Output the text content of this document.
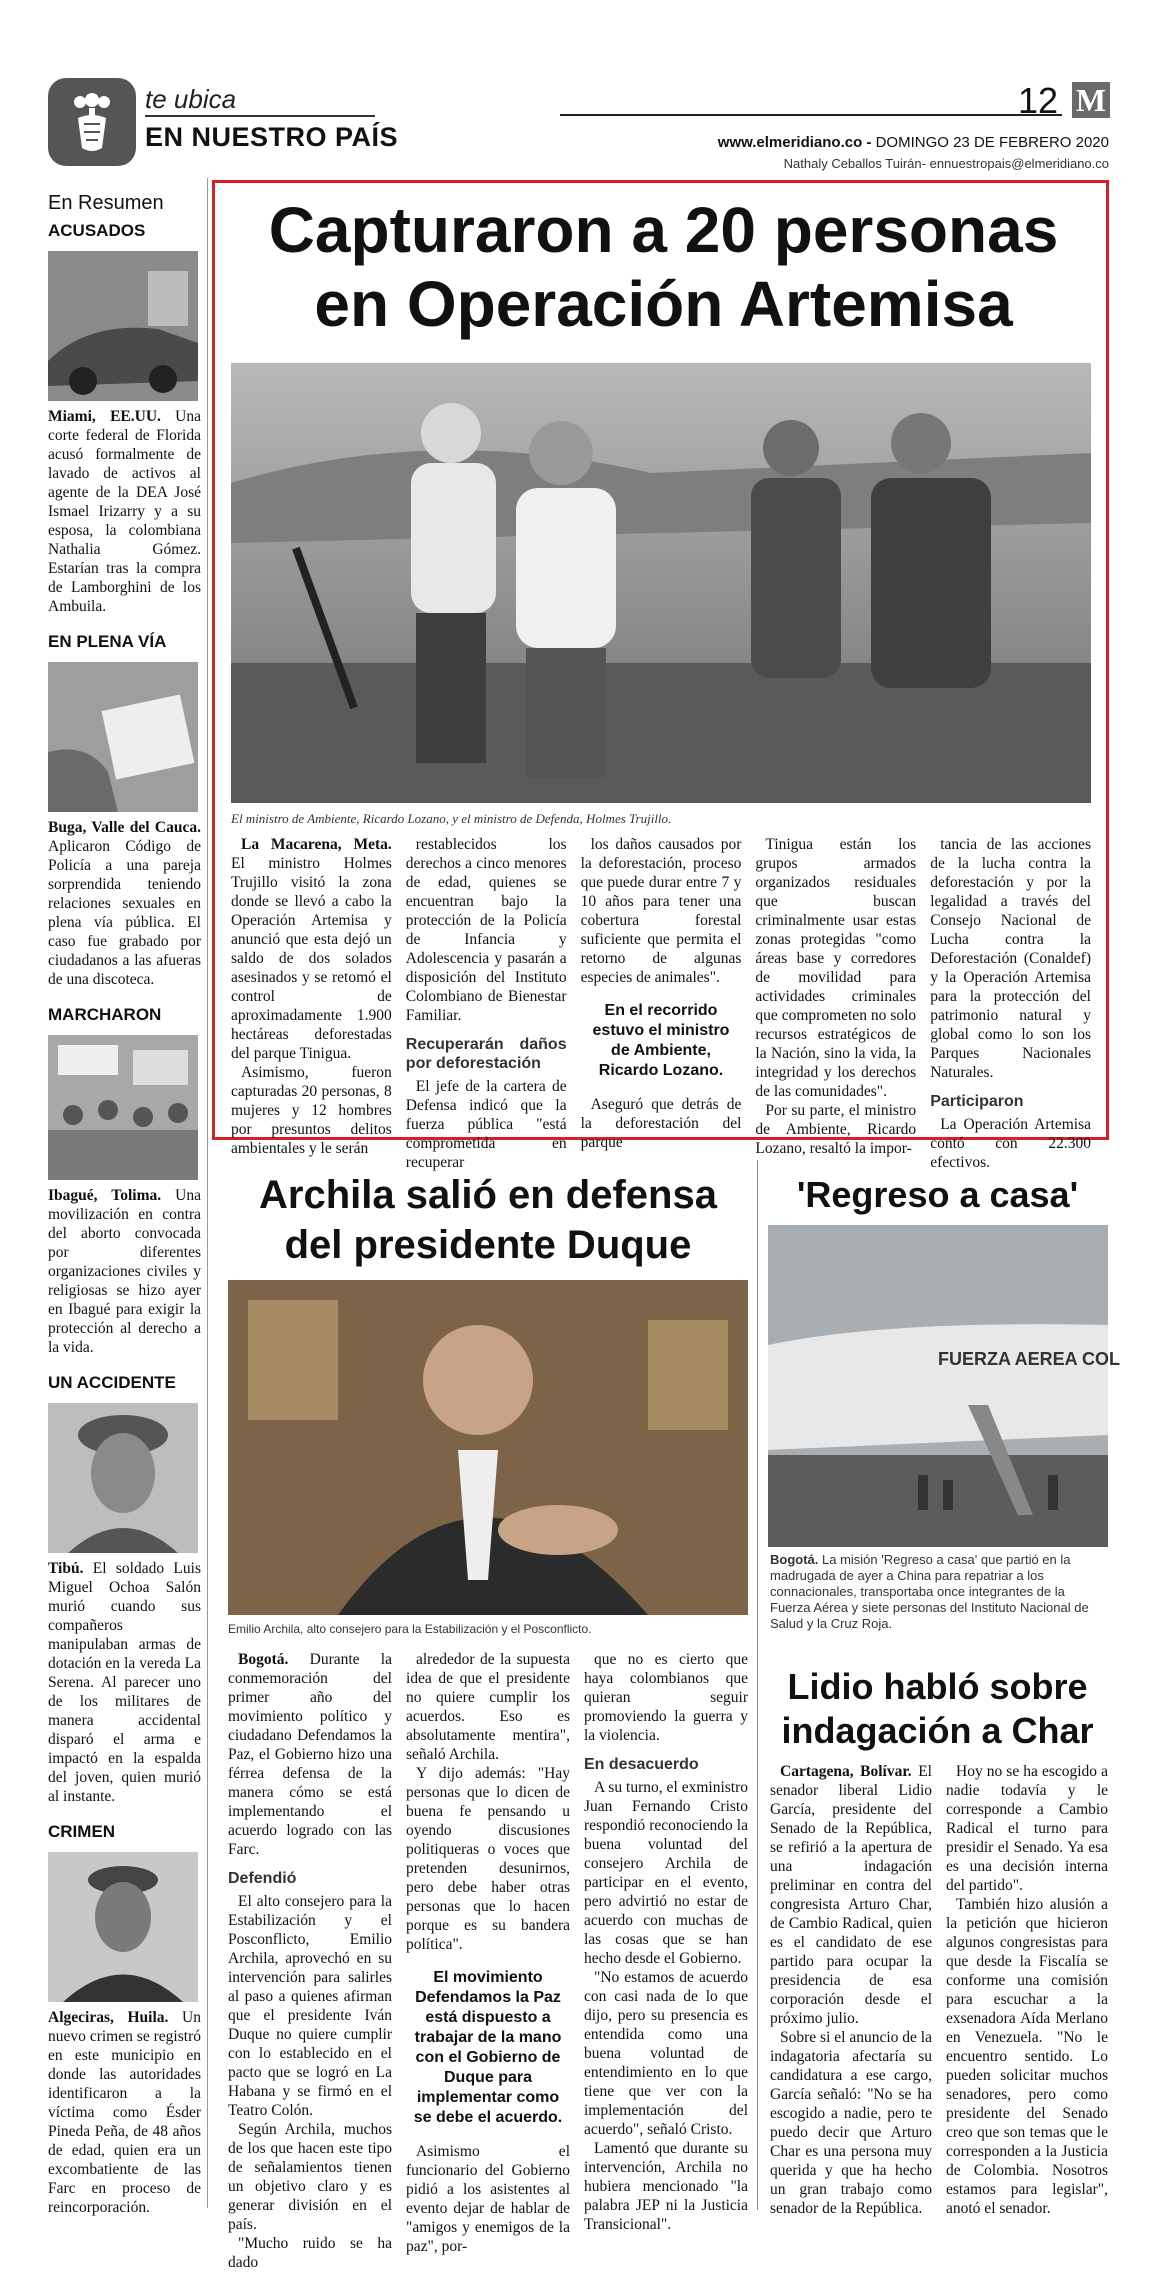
te ubica
EN NUESTRO PAÍS
12 M
www.elmeridiano.co - DOMINGO 23 DE FEBRERO 2020
Nathaly Ceballos Tuirán- ennuestropais@elmeridiano.co
En Resumen
ACUSADOS
Miami, EE.UU. Una corte federal de Florida acusó formalmente de lavado de activos al agente de la DEA José Ismael Irizarry y a su esposa, la colombiana Nathalia Gómez. Estarían tras la compra de Lamborghini de los Ambuila.
EN PLENA VÍA
Buga, Valle del Cauca. Aplicaron Código de Policía a una pareja sorprendida teniendo relaciones sexuales en plena vía pública. El caso fue grabado por ciudadanos a las afueras de una discoteca.
MARCHARON
Ibagué, Tolima. Una movilización en contra del aborto convocada por diferentes organizaciones civiles y religiosas se hizo ayer en Ibagué para exigir la protección al derecho a la vida.
UN ACCIDENTE
Tibú. El soldado Luis Miguel Ochoa Salón murió cuando sus compañeros manipulaban armas de dotación en la vereda La Serena. Al parecer uno de los militares de manera accidental disparó el arma e impactó en la espalda del joven, quien murió al instante.
CRIMEN
Algeciras, Huila. Un nuevo crimen se registró en este municipio en donde las autoridades identificaron a la víctima como Ésder Pineda Peña, de 48 años de edad, quien era un excombatiente de las Farc en proceso de reincorporación.
Capturaron a 20 personas
en Operación Artemisa
El ministro de Ambiente, Ricardo Lozano, y el ministro de Defenda, Holmes Trujillo.

La Macarena, Meta. El ministro Holmes Trujillo visitó la zona donde se llevó a cabo la Operación Artemisa y anunció que esta dejó un saldo de dos solados asesinados y se retomó el control de aproximadamente 1.900 hectáreas deforestadas del parque Tinigua.

Asimismo, fueron capturadas 20 personas, 8 mujeres y 12 hombres por presuntos delitos ambientales y le serán

restablecidos los derechos a cinco menores de edad, quienes se encuentran bajo la protección de la Policía de Infancia y Adolescencia y pasarán a disposición del Instituto Colombiano de Bienestar Familiar.

Recuperarán daños por deforestación

El jefe de la cartera de Defensa indicó que la fuerza pública "está comprometida en recuperar

los daños causados por la deforestación, proceso que puede durar entre 7 y 10 años para tener una cobertura forestal suficiente que permita el retorno de algunas especies de animales".

En el recorrido estuvo el ministro de Ambiente, Ricardo Lozano.

Aseguró que detrás de la deforestación del parque

Tinigua están los grupos armados organizados residuales que buscan criminalmente usar estas zonas protegidas "como áreas base y corredores de movilidad para actividades criminales que comprometen no solo recursos estratégicos de la Nación, sino la vida, la integridad y los derechos de las comunidades".

Por su parte, el ministro de Ambiente, Ricardo Lozano, resaltó la impor-

tancia de las acciones de la lucha contra la deforestación y por la legalidad a través del Consejo Nacional de Lucha contra la Deforestación (Conaldef) y la Operación Artemisa para la protección del patrimonio natural y global como lo son los Parques Nacionales Naturales.

Participaron

La Operación Artemisa contó con 22.300 efectivos.

Archila salió en defensa
del presidente Duque
Emilio Archila, alto consejero para la Estabilización y el Posconflicto.

Bogotá. Durante la conmemoración del primer año del movimiento político y ciudadano Defendamos la Paz, el Gobierno hizo una férrea defensa de la manera cómo se está implementando el acuerdo logrado con las Farc.

Defendió

El alto consejero para la Estabilización y el Posconflicto, Emilio Archila, aprovechó en su intervención para salirles al paso a quienes afirman que el presidente Iván Duque no quiere cumplir con lo establecido en el pacto que se logró en La Habana y se firmó en el Teatro Colón.

Según Archila, muchos de los que hacen este tipo de señalamientos tienen un objetivo claro y es generar división en el país.

"Mucho ruido se ha dado

alrededor de la supuesta idea de que el presidente no quiere cumplir los acuerdos. Eso es absolutamente mentira", señaló Archila.

Y dijo además: "Hay personas que lo dicen de buena fe pensando u oyendo discusiones politiqueras o voces que pretenden desunirnos, pero debe haber otras personas que lo hacen porque es su bandera política".

El movimiento Defendamos la Paz está dispuesto a trabajar de la mano con el Gobierno de Duque para implementar como se debe el acuerdo.

Asimismo el funcionario del Gobierno pidió a los asistentes al evento dejar de hablar de "amigos y enemigos de la paz", por-

que no es cierto que haya colombianos que quieran seguir promoviendo la guerra y la violencia.

En desacuerdo

A su turno, el exministro Juan Fernando Cristo respondió reconociendo la buena voluntad del consejero Archila de participar en el evento, pero advirtió no estar de acuerdo con muchas de las cosas que se han hecho desde el Gobierno.

"No estamos de acuerdo con casi nada de lo que dijo, pero su presencia es entendida como una buena voluntad de entendimiento en lo que tiene que ver con la implementación del acuerdo", señaló Cristo.

Lamentó que durante su intervención, Archila no hubiera mencionado "la palabra JEP ni la Justicia Transicional".

'Regreso a casa'
FUERZA AEREA COL
Bogotá. La misión 'Regreso a casa' que partió en la madrugada de ayer a China para repatriar a los connacionales, transportaba once integrantes de la Fuerza Aérea y siete personas del Instituto Nacional de Salud y la Cruz Roja.
Lidio habló sobre
indagación a Char

Cartagena, Bolívar. El senador liberal Lidio García, presidente del Senado de la República, se refirió a la apertura de una indagación preliminar en contra del congresista Arturo Char, de Cambio Radical, quien es el candidato de ese partido para ocupar la presidencia de esa corporación desde el próximo julio.

Sobre si el anuncio de la indagatoria afectaría su candidatura a ese cargo, García señaló: "No se ha escogido a nadie, pero te puedo decir que Arturo Char es una persona muy querida y que ha hecho un gran trabajo como senador de la República.

Hoy no se ha escogido a nadie todavía y le corresponde a Cambio Radical el turno para presidir el Senado. Ya esa es una decisión interna del partido".

También hizo alusión a la petición que hicieron algunos congresistas para que desde la Fiscalía se conforme una comisión para escuchar a la exsenadora Aída Merlano en Venezuela. "No le encuentro sentido. Lo pueden solicitar muchos senadores, pero como presidente del Senado creo que son temas que le corresponden a la Justicia de Colombia. Nosotros estamos para legislar", anotó el senador.
